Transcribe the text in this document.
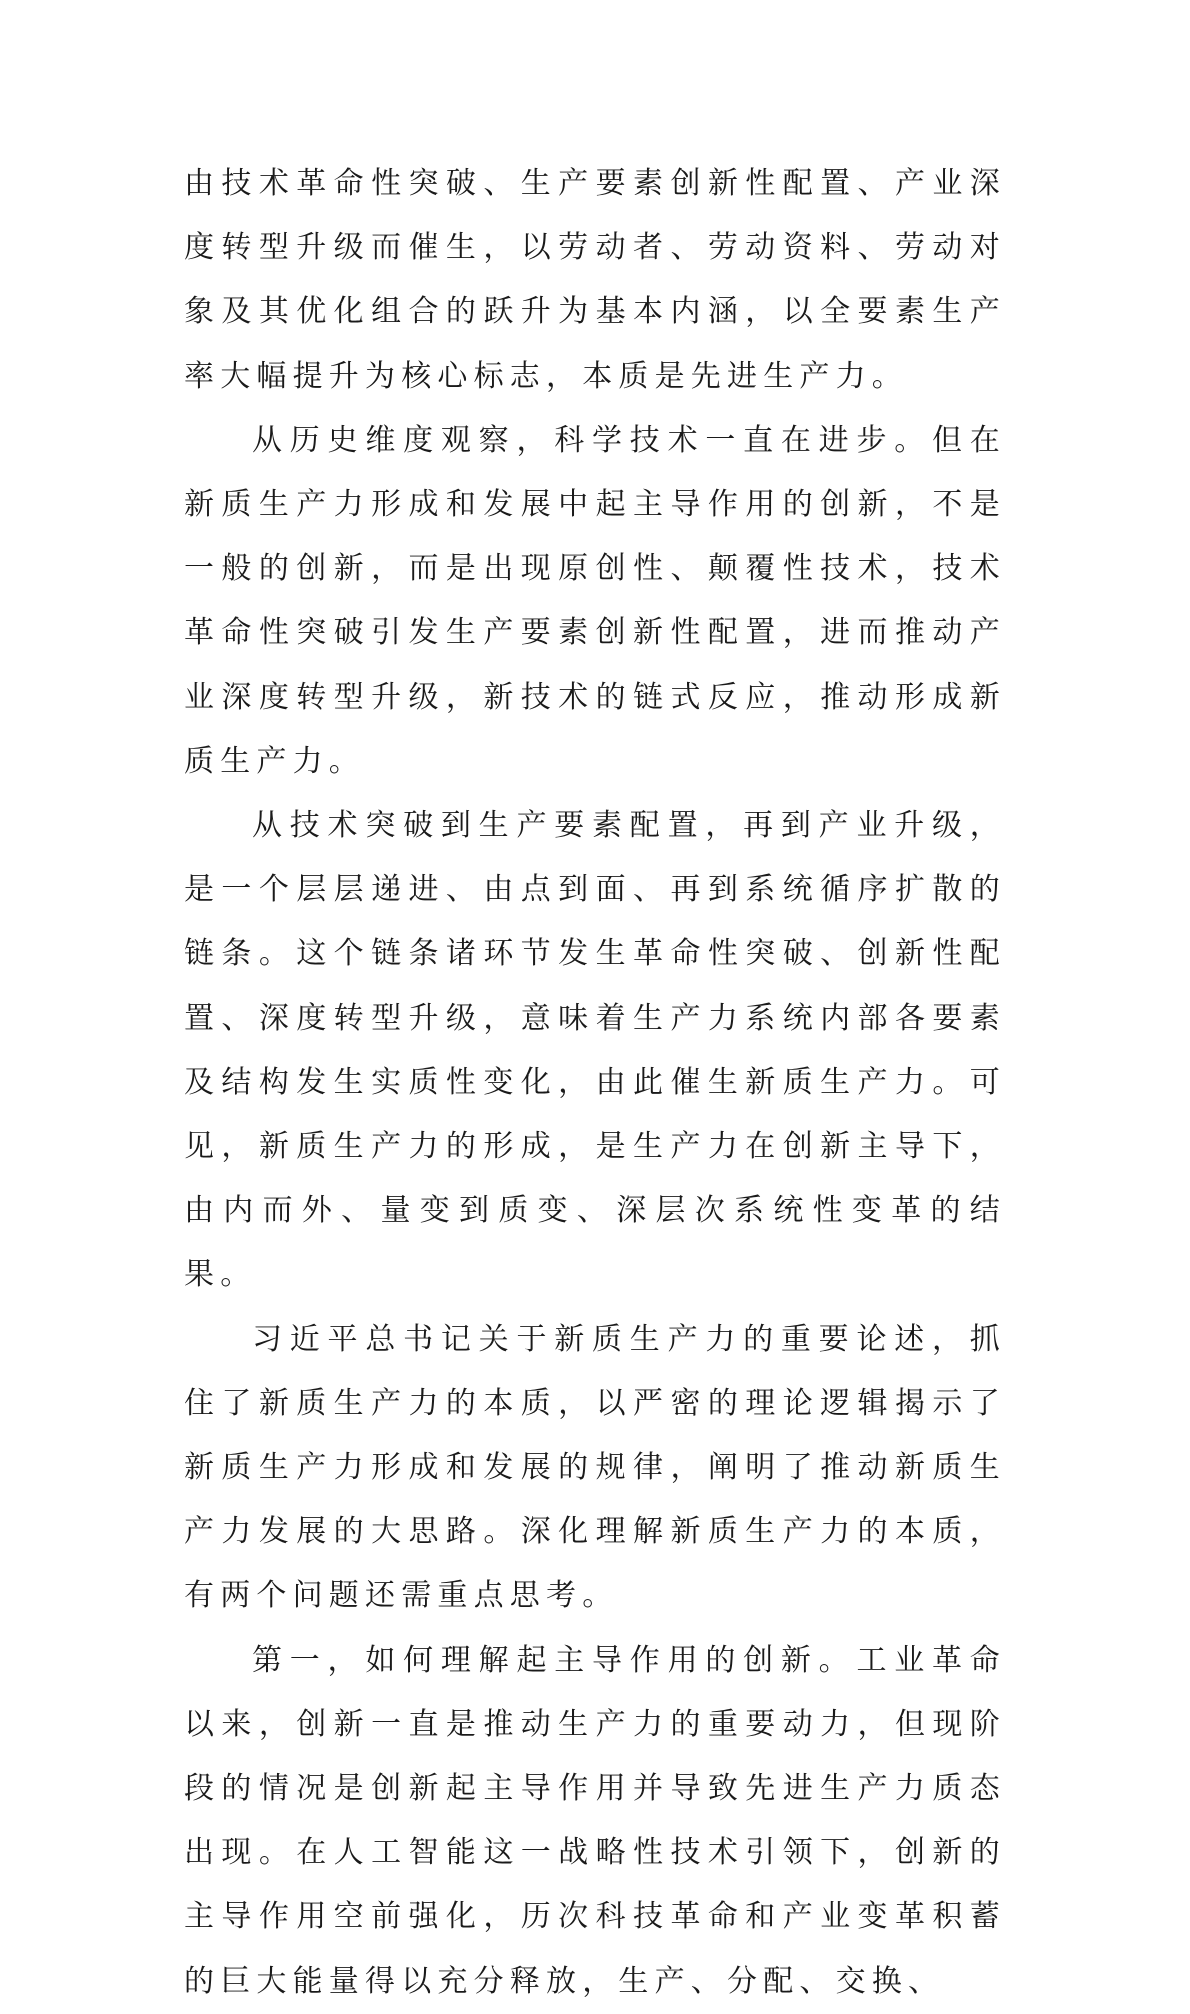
由技术革命性突破、生产要素创新性配置、产业深度转型升级而催生，以劳动者、劳动资料、劳动对象及其优化组合的跃升为基本内涵，以全要素生产率大幅提升为核心标志，本质是先进生产力。

从历史维度观察，科学技术一直在进步。但在新质生产力形成和发展中起主导作用的创新，不是一般的创新，而是出现原创性、颠覆性技术，技术革命性突破引发生产要素创新性配置，进而推动产业深度转型升级，新技术的链式反应，推动形成新质生产力。

从技术突破到生产要素配置，再到产业升级，是一个层层递进、由点到面、再到系统循序扩散的链条。这个链条诸环节发生革命性突破、创新性配置、深度转型升级，意味着生产力系统内部各要素及结构发生实质性变化，由此催生新质生产力。可见，新质生产力的形成，是生产力在创新主导下，由内而外、量变到质变、深层次系统性变革的结果。

习近平总书记关于新质生产力的重要论述，抓住了新质生产力的本质，以严密的理论逻辑揭示了新质生产力形成和发展的规律，阐明了推动新质生产力发展的大思路。深化理解新质生产力的本质，有两个问题还需重点思考。

第一，如何理解起主导作用的创新。工业革命以来，创新一直是推动生产力的重要动力，但现阶段的情况是创新起主导作用并导致先进生产力质态出现。在人工智能这一战略性技术引领下，创新的主导作用空前强化，历次科技革命和产业变革积蓄的巨大能量得以充分释放，生产、分配、交换、
